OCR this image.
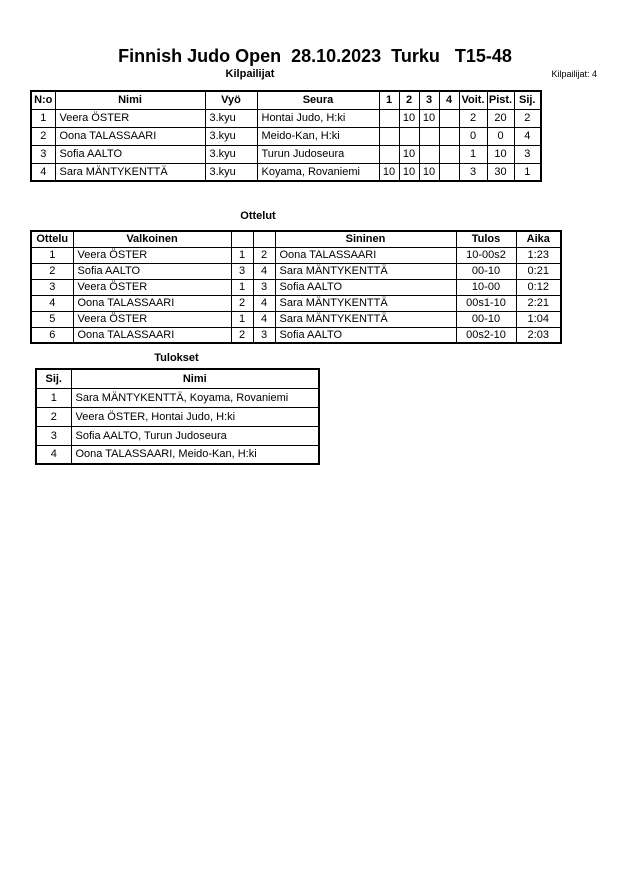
Finnish Judo Open  28.10.2023  Turku   T15-48
Kilpailijat	Kilpailijat: 4
N:o	Nimi	Vyö	Seura	1	2	3	4	Voit.	Pist.	Sij.
1	Veera ÖSTER	3.kyu	Hontai Judo, H:ki		10	10		2	20	2
2	Oona TALASSAARI	3.kyu	Meido-Kan, H:ki					0	0	4
3	Sofia AALTO	3.kyu	Turun Judoseura		10			1	10	3
4	Sara MÄNTYKENTTÄ	3.kyu	Koyama, Rovaniemi	10	10	10		3	30	1
Ottelut
Ottelu	Valkoinen			Sininen	Tulos	Aika
1	Veera ÖSTER	1	2	Oona TALASSAARI	10-00s2	1:23
2	Sofia AALTO	3	4	Sara MÄNTYKENTTÄ	00-10	0:21
3	Veera ÖSTER	1	3	Sofia AALTO	10-00	0:12
4	Oona TALASSAARI	2	4	Sara MÄNTYKENTTÄ	00s1-10	2:21
5	Veera ÖSTER	1	4	Sara MÄNTYKENTTÄ	00-10	1:04
6	Oona TALASSAARI	2	3	Sofia AALTO	00s2-10	2:03
Tulokset
Sij.	Nimi
1	Sara MÄNTYKENTTÄ, Koyama, Rovaniemi
2	Veera ÖSTER, Hontai Judo, H:ki
3	Sofia AALTO, Turun Judoseura
4	Oona TALASSAARI, Meido-Kan, H:ki
